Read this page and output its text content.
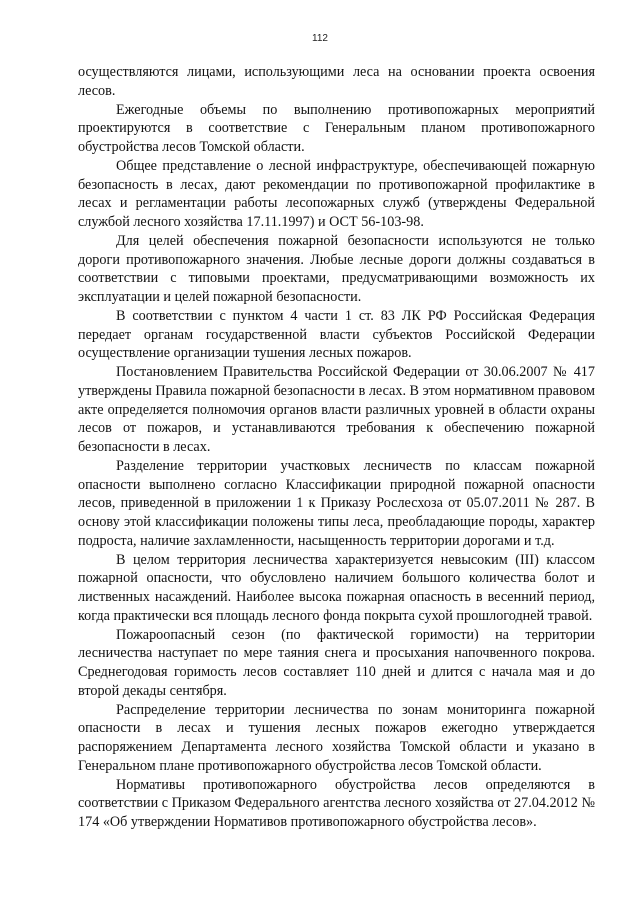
112

осуществляются лицами, использующими леса на основании проекта освоения лесов.

Ежегодные объемы по выполнению противопожарных мероприятий проектируются в соответствие с Генеральным планом противопожарного обустройства лесов Томской области.

Общее представление о лесной инфраструктуре, обеспечивающей пожарную безопасность в лесах, дают рекомендации по противопожарной профилактике в лесах и регламентации работы лесопожарных служб (утверждены Федеральной службой лесного хозяйства 17.11.1997) и ОСТ 56-103-98.

Для целей обеспечения пожарной безопасности используются не только дороги противопожарного значения. Любые лесные дороги должны создаваться в соответствии с типовыми проектами, предусматривающими возможность их эксплуатации и целей пожарной безопасности.

В соответствии с пунктом 4 части 1 ст. 83 ЛК РФ Российская Федерация передает органам государственной власти субъектов Российской Федерации осуществление организации тушения лесных пожаров.

Постановлением Правительства Российской Федерации от 30.06.2007 № 417 утверждены Правила пожарной безопасности в лесах. В этом нормативном правовом акте определяется полномочия органов власти различных уровней в области охраны лесов от пожаров, и устанавливаются требования к обеспечению пожарной безопасности в лесах.

Разделение территории участковых лесничеств по классам пожарной опасности выполнено согласно Классификации природной пожарной опасности лесов, приведенной в приложении 1 к Приказу Рослесхоза от 05.07.2011 № 287. В основу этой классификации положены типы леса, преобладающие породы, характер подроста, наличие захламленности, насыщенность территории дорогами и т.д.

В целом территория лесничества характеризуется невысоким (III) классом пожарной опасности, что обусловлено наличием большого количества болот и лиственных насаждений. Наиболее высока пожарная опасность в весенний период, когда практически вся площадь лесного фонда покрыта сухой прошлогодней травой.

Пожароопасный сезон (по фактической горимости) на территории лесничества наступает по мере таяния снега и просыхания напочвенного покрова. Среднегодовая горимость лесов составляет 110 дней и длится с начала мая и до второй декады сентября.

Распределение территории лесничества по зонам мониторинга пожарной опасности в лесах и тушения лесных пожаров ежегодно утверждается распоряжением Департамента лесного хозяйства Томской области и указано в Генеральном плане противопожарного обустройства лесов Томской области.

Нормативы противопожарного обустройства лесов определяются в соответствии с Приказом Федерального агентства лесного хозяйства от 27.04.2012 № 174 «Об утверждении Нормативов противопожарного обустройства лесов».
